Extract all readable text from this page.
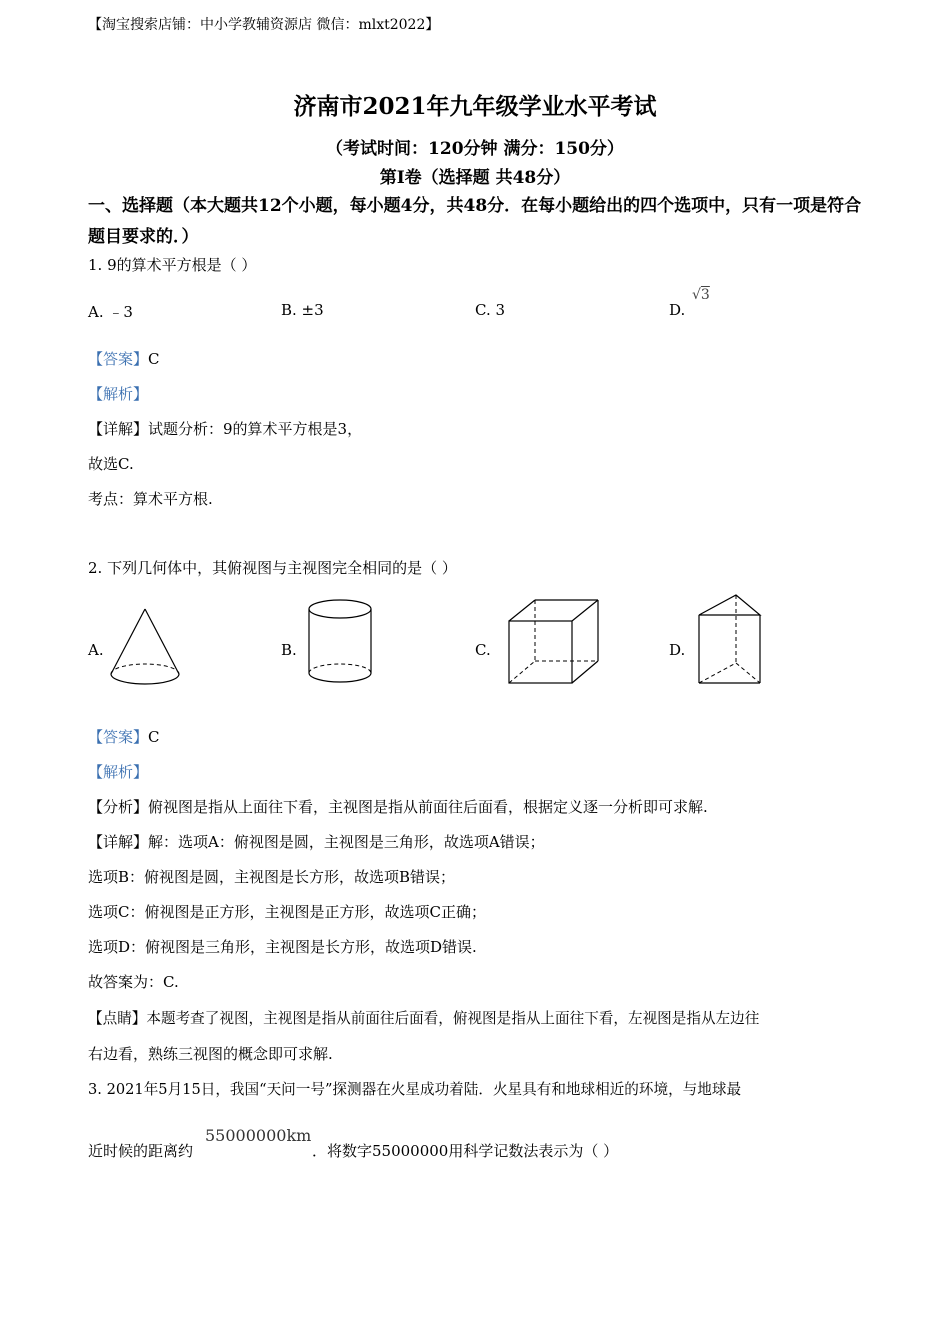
【淘宝搜索店铺：中小学教辅资源店 微信：mlxt2022】
济南市2021年九年级学业水平考试
（考试时间：120分钟 满分：150分）
第Ⅰ卷（选择题 共48分）
一、选择题（本大题共12个小题，每小题4分，共48分．在每小题给出的四个选项中，只有一项是符合题目要求的．）
1. 9的算术平方根是（ ）
A. ﹣3	B. ±3	C. 3	D.
√3
【答案】C
【解析】
【详解】试题分析：9的算术平方根是3，
故选C.
考点：算术平方根.
2. 下列几何体中，其俯视图与主视图完全相同的是（ ）
A.	B.	C.	D.
【答案】C
【解析】
【分析】俯视图是指从上面往下看，主视图是指从前面往后面看，根据定义逐一分析即可求解.
【详解】解：选项A：俯视图是圆，主视图是三角形，故选项A错误；
选项B：俯视图是圆，主视图是长方形，故选项B错误；
选项C：俯视图是正方形，主视图是正方形，故选项C正确；
选项D：俯视图是三角形，主视图是长方形，故选项D错误.
故答案为：C.
【点睛】本题考查了视图，主视图是指从前面往后面看，俯视图是指从上面往下看，左视图是指从左边往
右边看，熟练三视图的概念即可求解.
3. 2021年5月15日，我国“天问一号”探测器在火星成功着陆．火星具有和地球相近的环境，与地球最
近时候的距离约
55000000km
．将数字55000000用科学记数法表示为（ ）
